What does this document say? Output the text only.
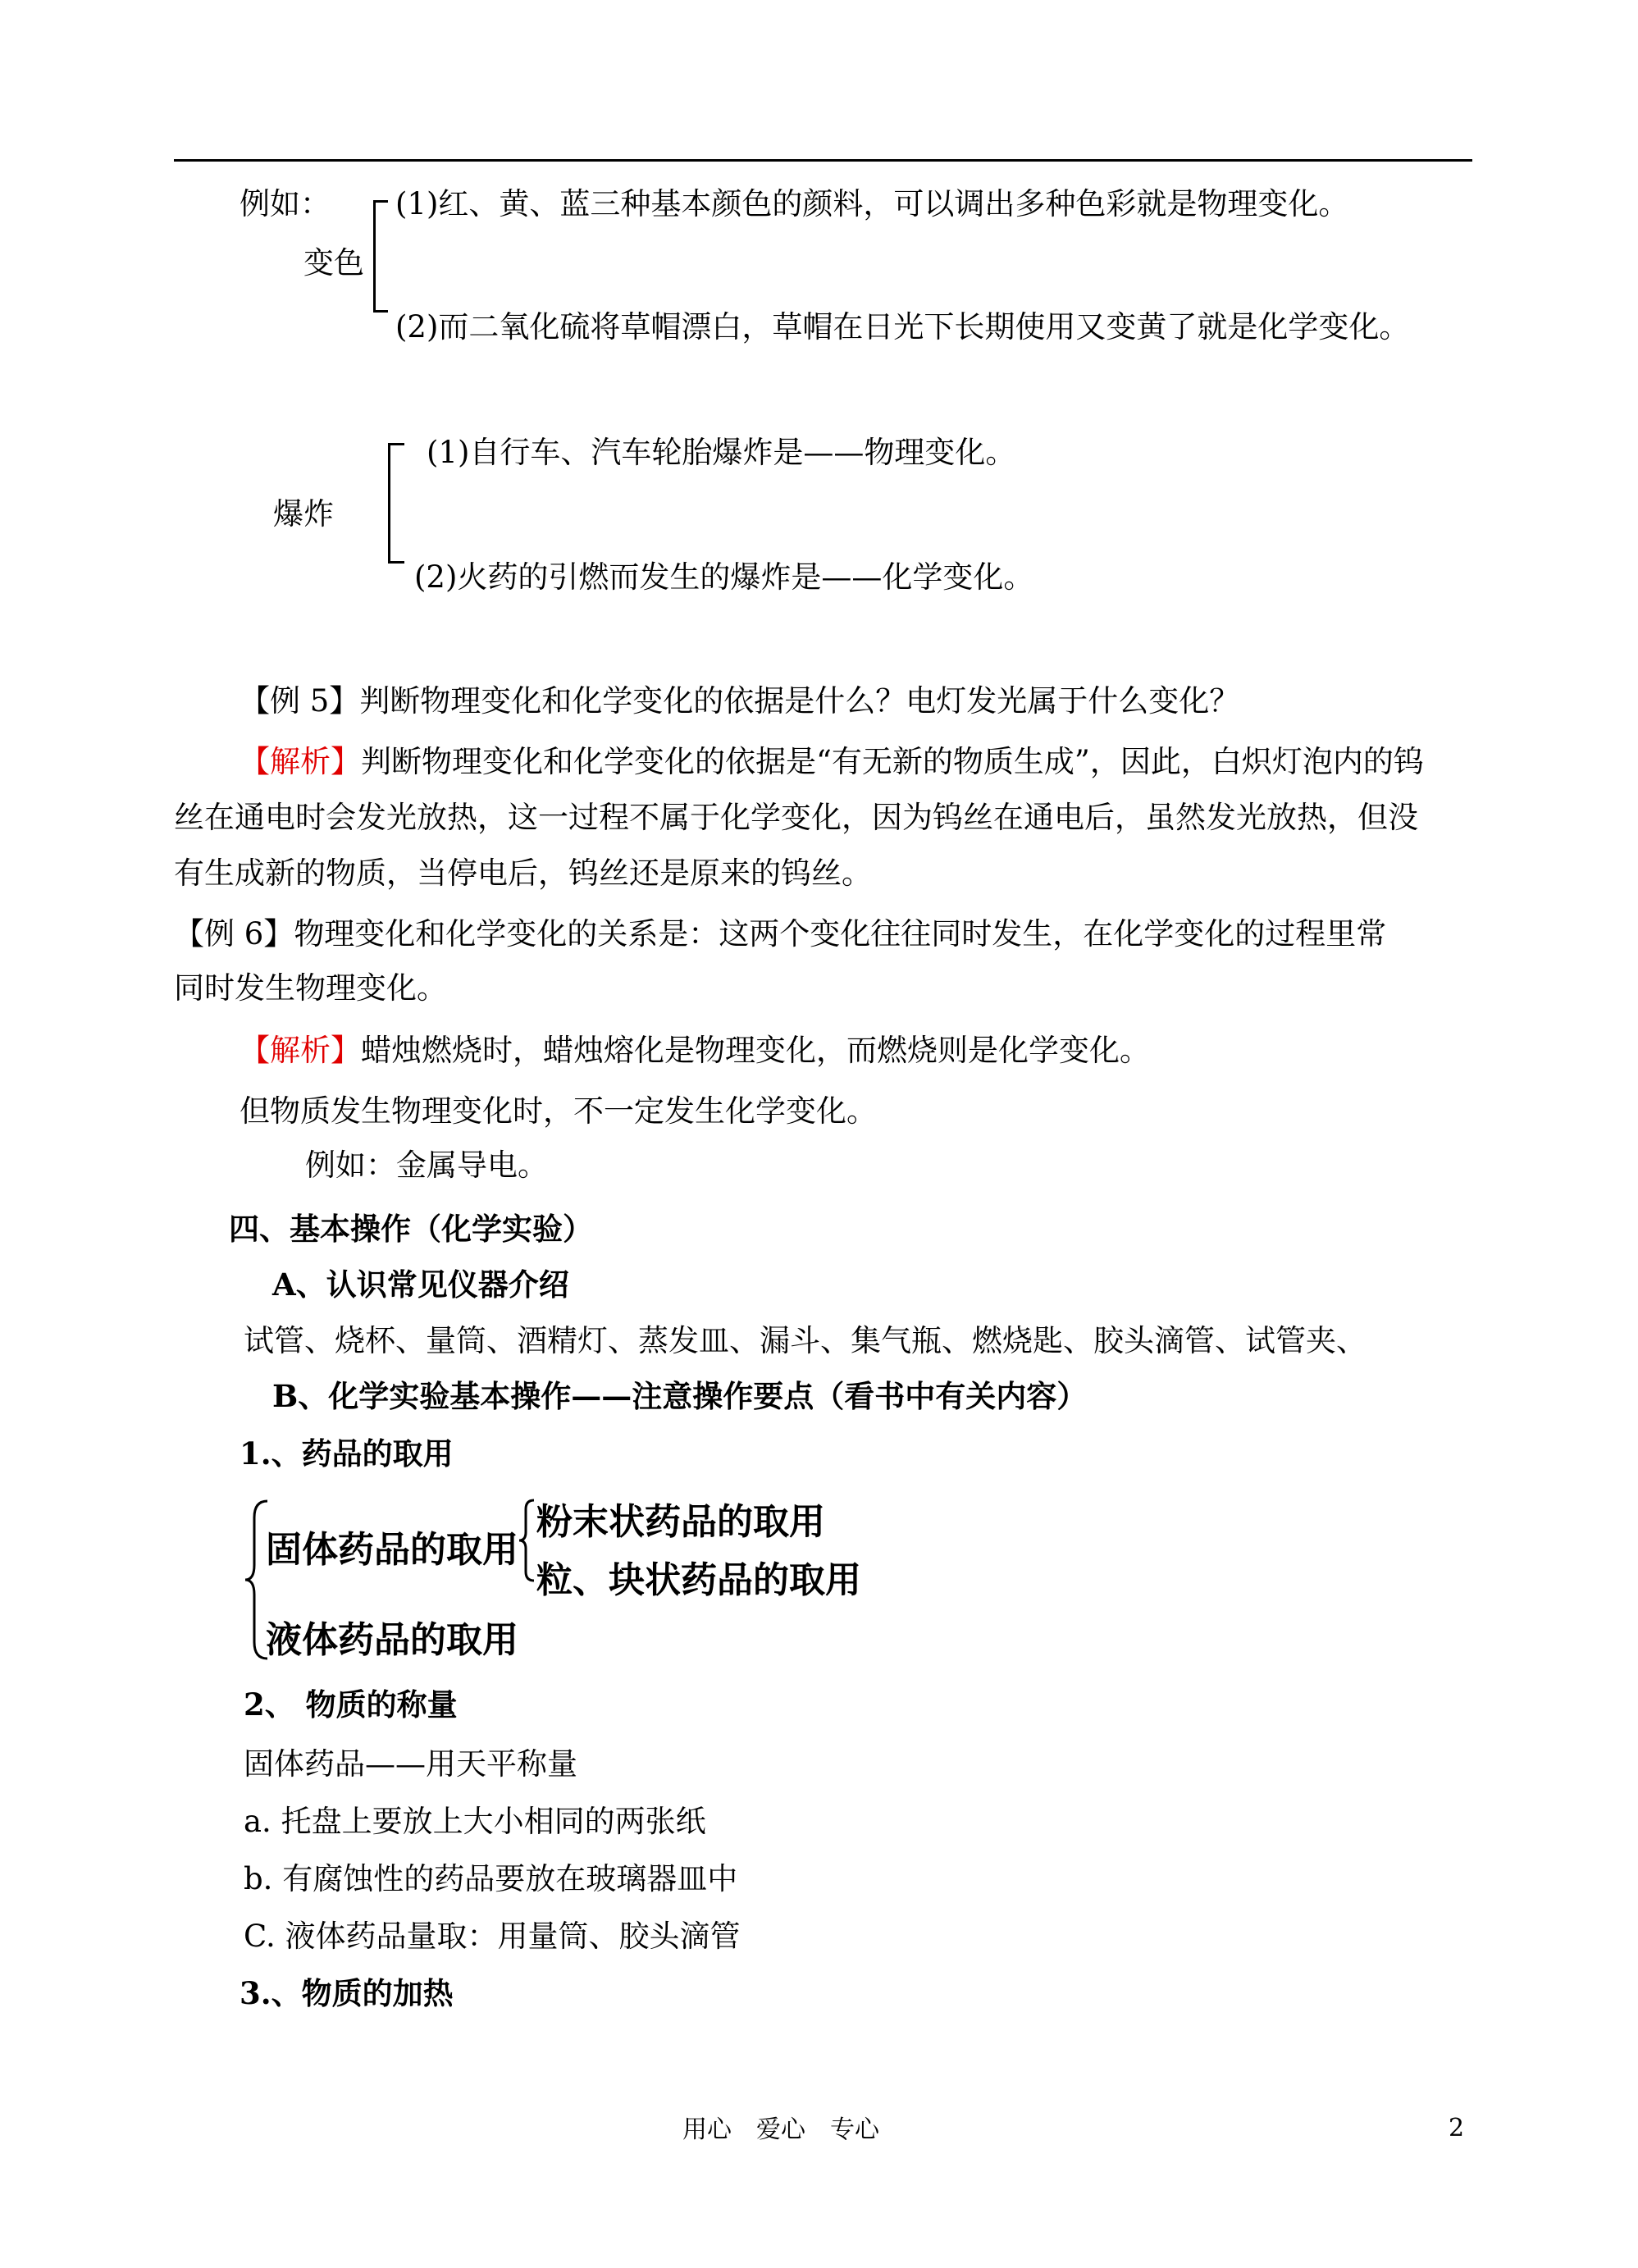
例如：
变色
(1)红、黄、蓝三种基本颜色的颜料，可以调出多种色彩就是物理变化。
(2)而二氧化硫将草帽漂白，草帽在日光下长期使用又变黄了就是化学变化。
爆炸
(1)自行车、汽车轮胎爆炸是——物理变化。
(2)火药的引燃而发生的爆炸是——化学变化。
【例 5】判断物理变化和化学变化的依据是什么？电灯发光属于什么变化？
【解析】判断物理变化和化学变化的依据是“有无新的物质生成”，因此，白炽灯泡内的钨
丝在通电时会发光放热，这一过程不属于化学变化，因为钨丝在通电后，虽然发光放热，但没
有生成新的物质，当停电后，钨丝还是原来的钨丝。
【例 6】物理变化和化学变化的关系是：这两个变化往往同时发生，在化学变化的过程里常
同时发生物理变化。
【解析】蜡烛燃烧时，蜡烛熔化是物理变化，而燃烧则是化学变化。
但物质发生物理变化时，不一定发生化学变化。
例如：金属导电。
四、基本操作（化学实验）
A、认识常见仪器介绍
试管、烧杯、量筒、酒精灯、蒸发皿、漏斗、集气瓶、燃烧匙、胶头滴管、试管夹、
B、化学实验基本操作——注意操作要点（看书中有关内容）
1.、药品的取用
固体药品的取用
粉末状药品的取用
粒、块状药品的取用
液体药品的取用
2、 物质的称量
固体药品——用天平称量
a. 托盘上要放上大小相同的两张纸
b. 有腐蚀性的药品要放在玻璃器皿中
C. 液体药品量取：用量筒、胶头滴管
3.、物质的加热
用心　爱心　专心	2
